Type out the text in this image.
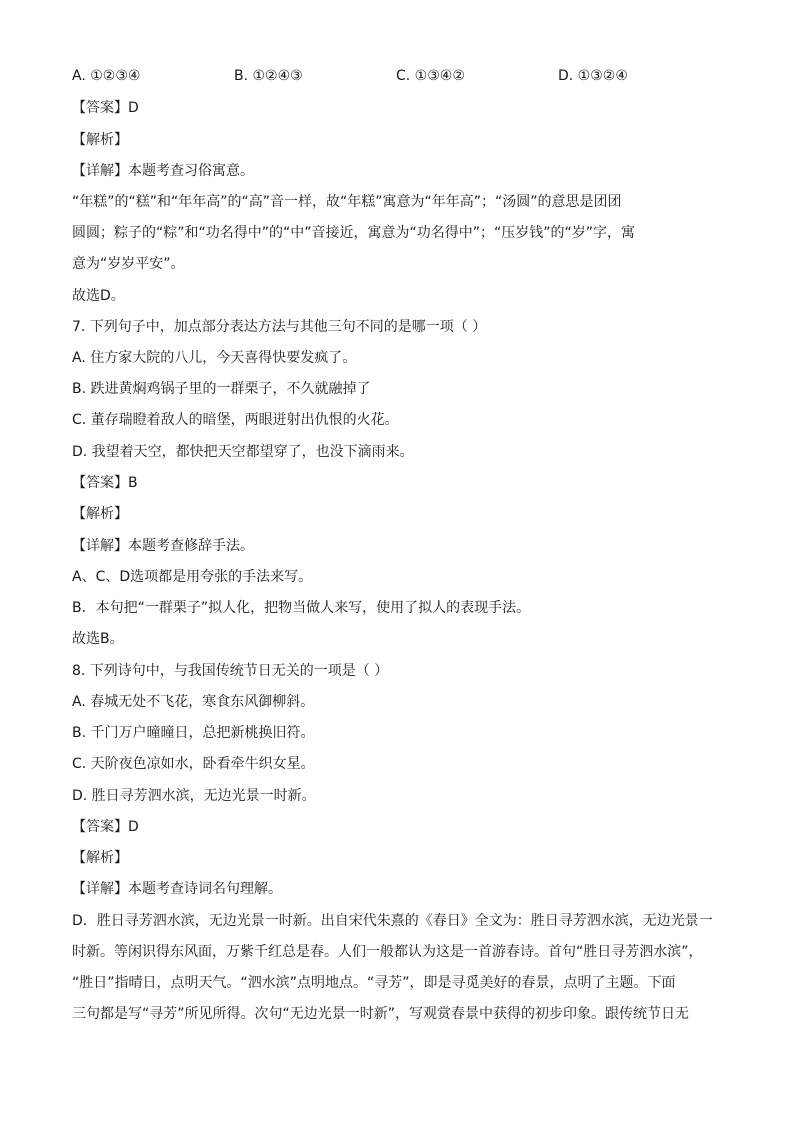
A. ①②③④	B. ①②④③	C. ①③④②	D. ①③②④
【答案】D
【解析】
【详解】本题考查习俗寓意。
“年糕”的“糕”和“年年高”的“高”音一样，故“年糕”寓意为“年年高”；“汤圆”的意思是团团
圆圆；粽子的“粽”和“功名得中”的“中”音接近，寓意为“功名得中”；“压岁钱”的“岁”字，寓
意为“岁岁平安”。
故选D。
7. 下列句子中，加点部分表达方法与其他三句不同的是哪一项（ ）
A. 住方家大院的八儿，今天喜得快要发疯了。
B. 跌进黄焖鸡锅子里的一群栗子，不久就融掉了
C. 董存瑞瞪着敌人的暗堡，两眼迸射出仇恨的火花。
D. 我望着天空，都快把天空都望穿了，也没下滴雨来。
【答案】B
【解析】
【详解】本题考查修辞手法。
A、C、D选项都是用夸张的手法来写。
B．本句把“一群栗子”拟人化，把物当做人来写，使用了拟人的表现手法。
故选B。
8. 下列诗句中，与我国传统节日无关的一项是（ ）
A. 春城无处不飞花，寒食东风御柳斜。
B. 千门万户曈曈日，总把新桃换旧符。
C. 天阶夜色凉如水，卧看牵牛织女星。
D. 胜日寻芳泗水滨，无边光景一时新。
【答案】D
【解析】
【详解】本题考查诗词名句理解。
D．胜日寻芳泗水滨，无边光景一时新。出自宋代朱熹的《春日》全文为：胜日寻芳泗水滨，无边光景一
时新。等闲识得东风面，万紫千红总是春。人们一般都认为这是一首游春诗。首句“胜日寻芳泗水滨”，
“胜日”指晴日，点明天气。“泗水滨”点明地点。“寻芳”，即是寻觅美好的春景，点明了主题。下面
三句都是写“寻芳”所见所得。次句“无边光景一时新”，写观赏春景中获得的初步印象。跟传统节日无
